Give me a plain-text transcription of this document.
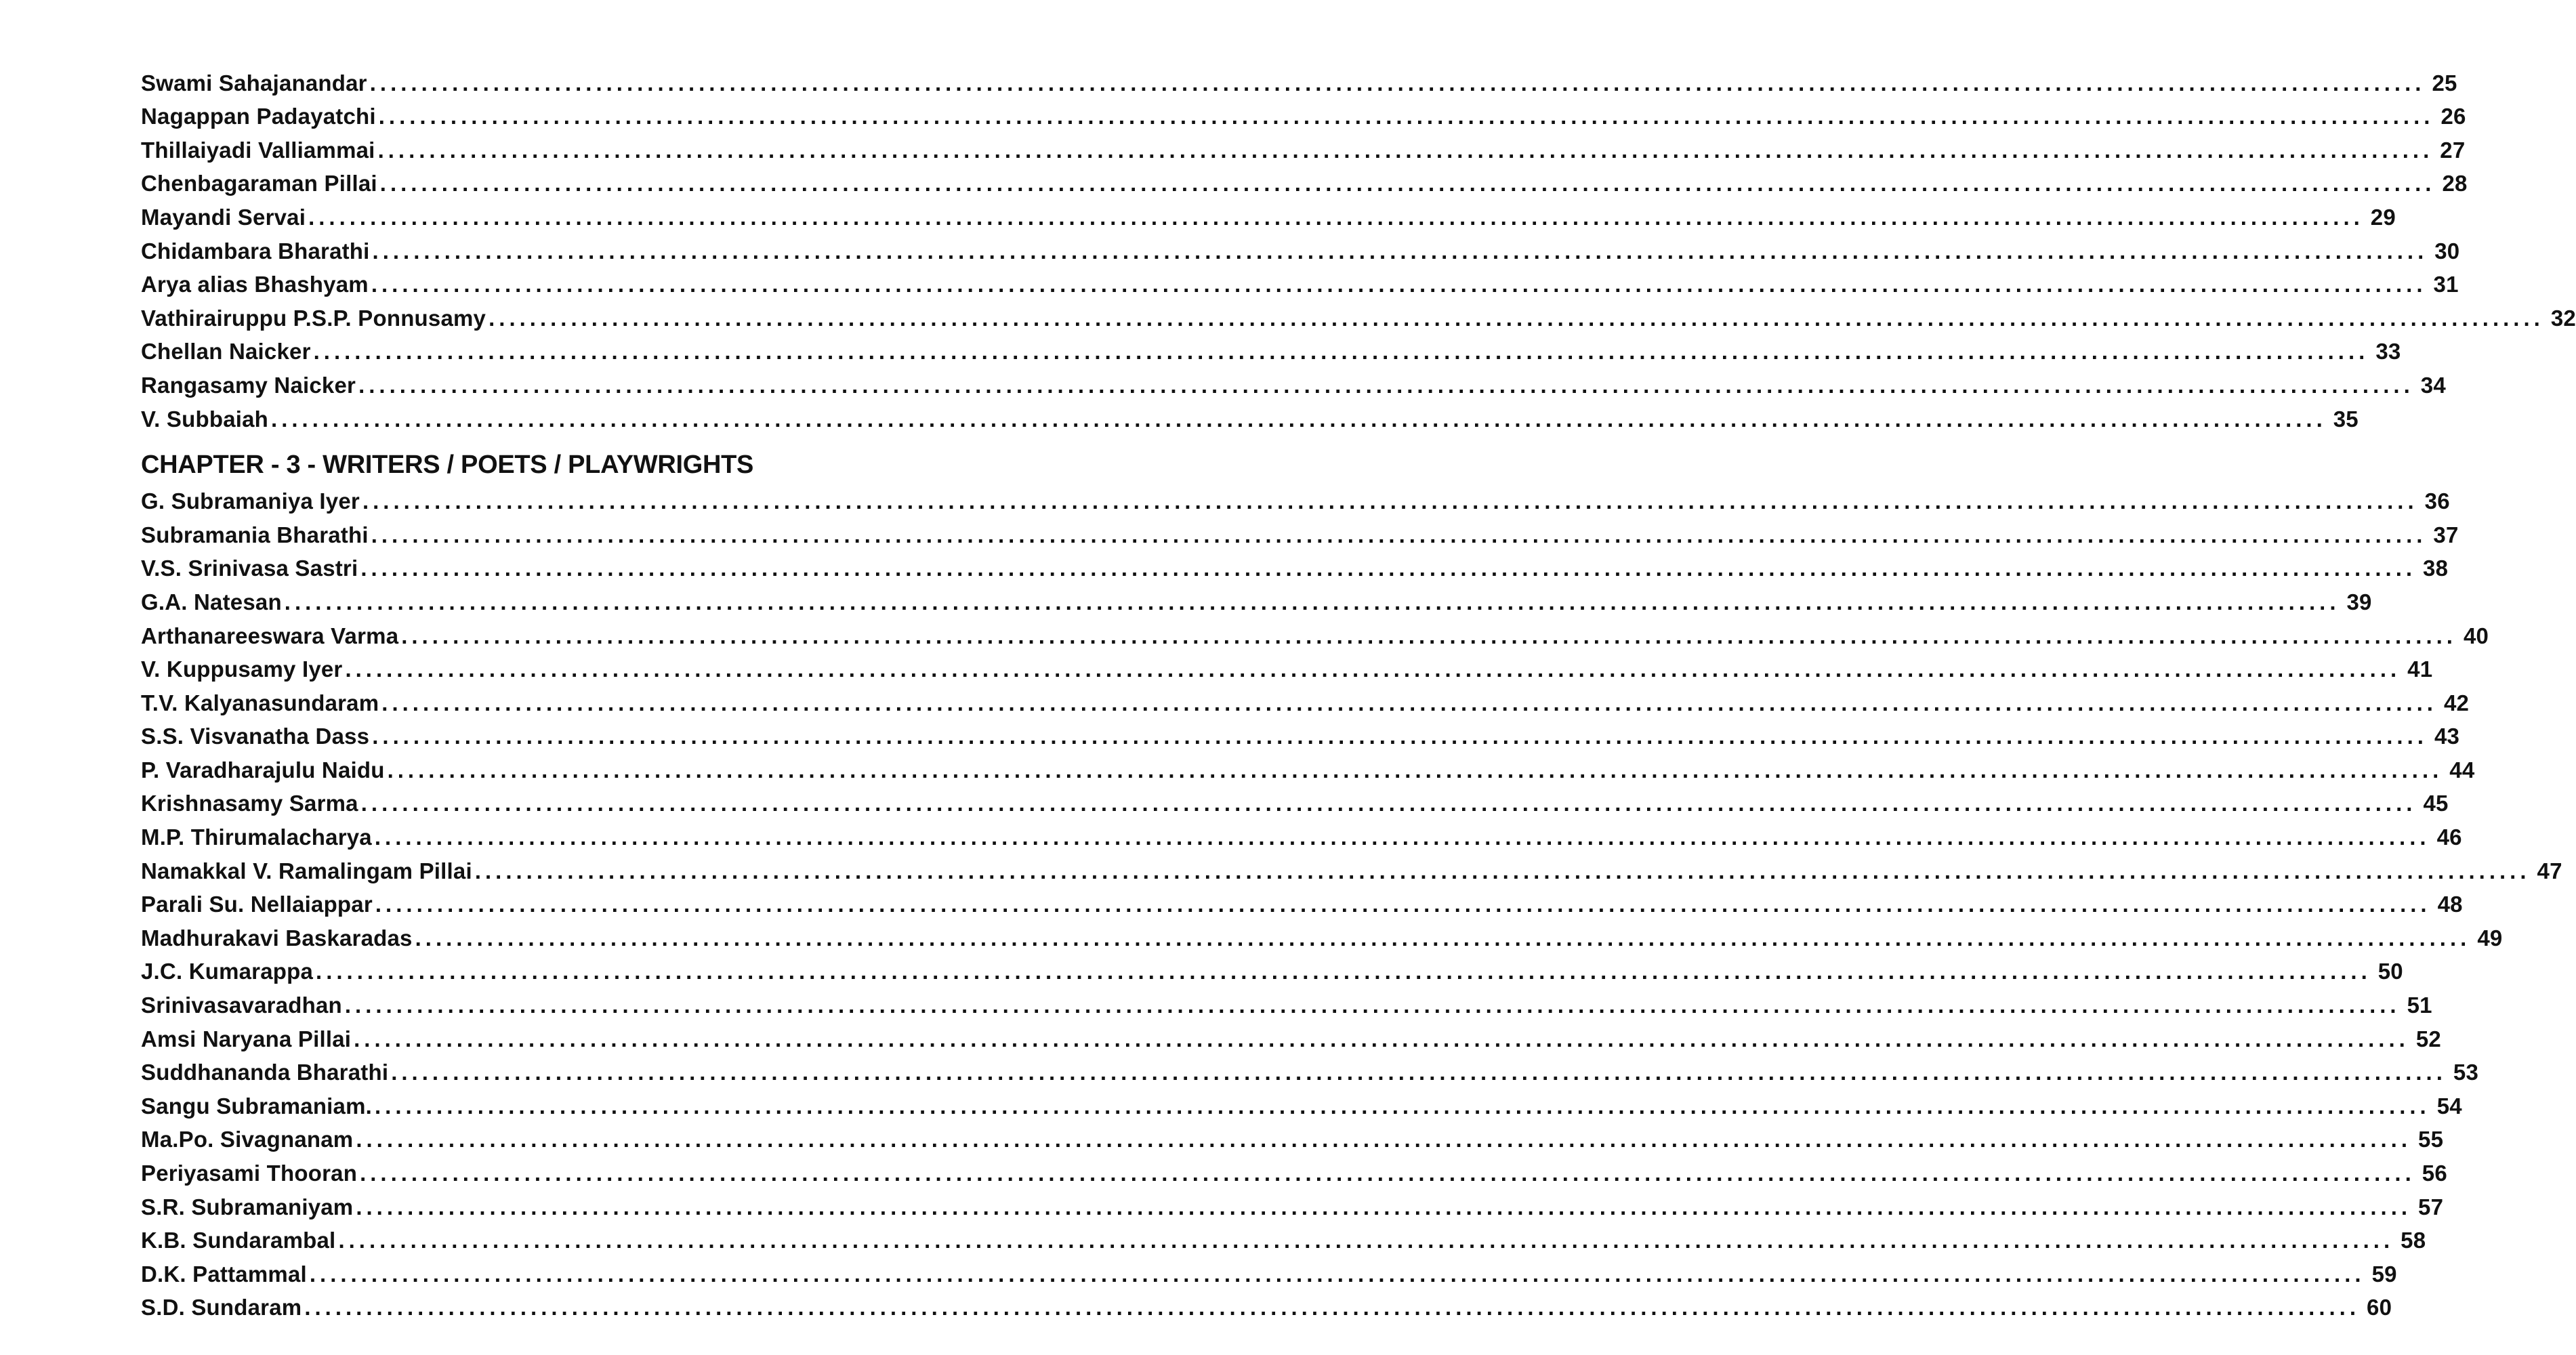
Swami Sahajanandar ........................................................................................................................................................................................................ 25
Nagappan Padayatchi ........................................................................................................................................................................................................ 26
Thillaiyadi Valliammai ........................................................................................................................................................................................................ 27
Chenbagaraman Pillai ........................................................................................................................................................................................................ 28
Mayandi Servai ........................................................................................................................................................................................................ 29
Chidambara Bharathi ........................................................................................................................................................................................................ 30
Arya alias Bhashyam ........................................................................................................................................................................................................ 31
Vathirairuppu P.S.P. Ponnusamy ........................................................................................................................................................................................................ 32
Chellan Naicker ........................................................................................................................................................................................................ 33
Rangasamy Naicker ........................................................................................................................................................................................................ 34
V. Subbaiah ........................................................................................................................................................................................................ 35
CHAPTER - 3 - WRITERS / POETS / PLAYWRIGHTS
G. Subramaniya Iyer ........................................................................................................................................................................................................ 36
Subramania Bharathi ........................................................................................................................................................................................................ 37
V.S. Srinivasa Sastri ........................................................................................................................................................................................................ 38
G.A. Natesan ........................................................................................................................................................................................................ 39
Arthanareeswara Varma ........................................................................................................................................................................................................ 40
V. Kuppusamy Iyer ........................................................................................................................................................................................................ 41
T.V. Kalyanasundaram ........................................................................................................................................................................................................ 42
S.S. Visvanatha Dass ........................................................................................................................................................................................................ 43
P. Varadharajulu Naidu ........................................................................................................................................................................................................ 44
Krishnasamy Sarma ........................................................................................................................................................................................................ 45
M.P. Thirumalacharya ........................................................................................................................................................................................................ 46
Namakkal V. Ramalingam Pillai ........................................................................................................................................................................................................ 47
Parali Su. Nellaiappar ........................................................................................................................................................................................................ 48
Madhurakavi Baskaradas ........................................................................................................................................................................................................ 49
J.C. Kumarappa ........................................................................................................................................................................................................ 50
Srinivasavaradhan ........................................................................................................................................................................................................ 51
Amsi Naryana Pillai ........................................................................................................................................................................................................ 52
Suddhananda Bharathi ........................................................................................................................................................................................................ 53
Sangu Subramaniam. ........................................................................................................................................................................................................ 54
Ma.Po. Sivagnanam ........................................................................................................................................................................................................ 55
Periyasami Thooran ........................................................................................................................................................................................................ 56
S.R. Subramaniyam ........................................................................................................................................................................................................ 57
K.B. Sundarambal ........................................................................................................................................................................................................ 58
D.K. Pattammal ........................................................................................................................................................................................................ 59
S.D. Sundaram ........................................................................................................................................................................................................ 60
